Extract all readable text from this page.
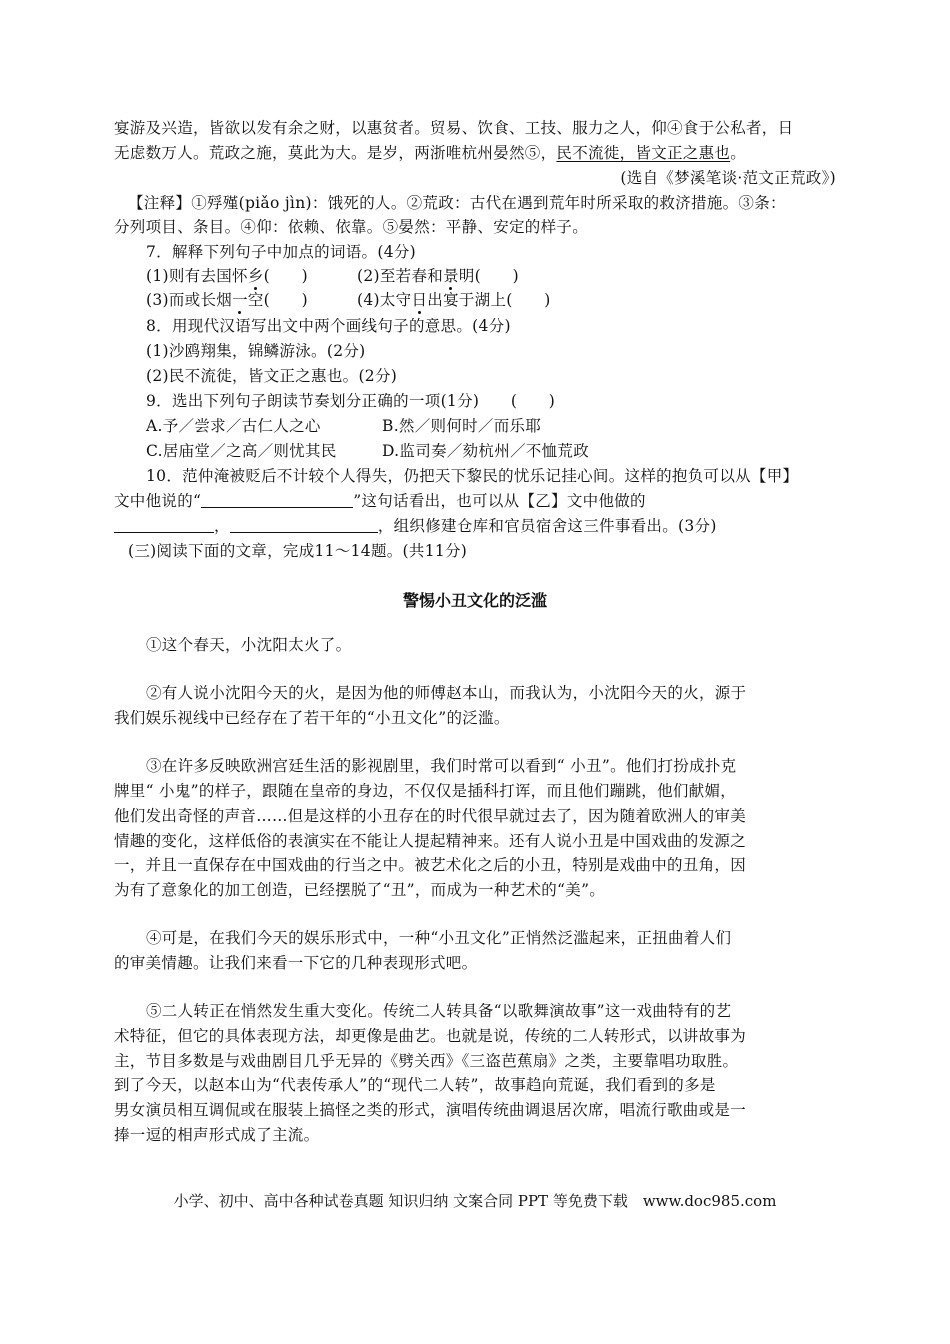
宴游及兴造，皆欲以发有余之财，以惠贫者。贸易、饮食、工技、服力之人，仰④食于公私者，日
无虑数万人。荒政之施，莫此为大。是岁，两浙唯杭州晏然⑤，民不流徙，皆文正之惠也。
(选自《梦溪笔谈·范文正荒政》)
【注释】①殍殣(piǎo jìn)：饿死的人。②荒政：古代在遇到荒年时所采取的救济措施。③条：
分列项目、条目。④仰：依赖、依靠。⑤晏然：平静、安定的样子。
7．解释下列句子中加点的词语。(4分)
(1)则有去国怀乡(　　)	(2)至若春和景明(　　)
(3)而或长烟一空(　　)	(4)太守日出宴于湖上(　　)
8．用现代汉语写出文中两个画线句子的意思。(4分)
(1)沙鸥翔集，锦鳞游泳。(2分)
(2)民不流徙，皆文正之惠也。(2分)
9．选出下列句子朗读节奏划分正确的一项(1分)　　(　　)
A.予／尝求／古仁人之心	B.然／则何时／而乐耶
C.居庙堂／之高／则忧其民	D.监司奏／劾杭州／不恤荒政
10．范仲淹被贬后不计较个人得失，仍把天下黎民的忧乐记挂心间。这样的抱负可以从【甲】
文中他说的“	”这句话看出，也可以从【乙】文中他做的
，	，组织修建仓库和官员宿舍这三件事看出。(3分)
(三)阅读下面的文章，完成11～14题。(共11分)
警惕小丑文化的泛滥
①这个春天，小沈阳太火了。
②有人说小沈阳今天的火，是因为他的师傅赵本山，而我认为，小沈阳今天的火，源于
我们娱乐视线中已经存在了若干年的“小丑文化”的泛滥。
③在许多反映欧洲宫廷生活的影视剧里，我们时常可以看到“ 小丑”。他们打扮成扑克
牌里“ 小鬼”的样子，跟随在皇帝的身边，不仅仅是插科打诨，而且他们蹦跳，他们献媚，
他们发出奇怪的声音……但是这样的小丑存在的时代很早就过去了，因为随着欧洲人的审美
情趣的变化，这样低俗的表演实在不能让人提起精神来。还有人说小丑是中国戏曲的发源之
一，并且一直保存在中国戏曲的行当之中。被艺术化之后的小丑，特别是戏曲中的丑角，因
为有了意象化的加工创造，已经摆脱了“丑”，而成为一种艺术的“美”。
④可是，在我们今天的娱乐形式中，一种“小丑文化”正悄然泛滥起来，正扭曲着人们
的审美情趣。让我们来看一下它的几种表现形式吧。
⑤二人转正在悄然发生重大变化。传统二人转具备“以歌舞演故事”这一戏曲特有的艺
术特征，但它的具体表现方法，却更像是曲艺。也就是说，传统的二人转形式，以讲故事为
主，节目多数是与戏曲剧目几乎无异的《劈关西》《三盗芭蕉扇》之类，主要靠唱功取胜。
到了今天，以赵本山为“代表传承人”的“现代二人转”，故事趋向荒诞，我们看到的多是
男女演员相互调侃或在服装上搞怪之类的形式，演唱传统曲调退居次席，唱流行歌曲或是一
捧一逗的相声形式成了主流。
小学、初中、高中各种试卷真题 知识归纳 文案合同 PPT 等免费下载　www.doc985.com
